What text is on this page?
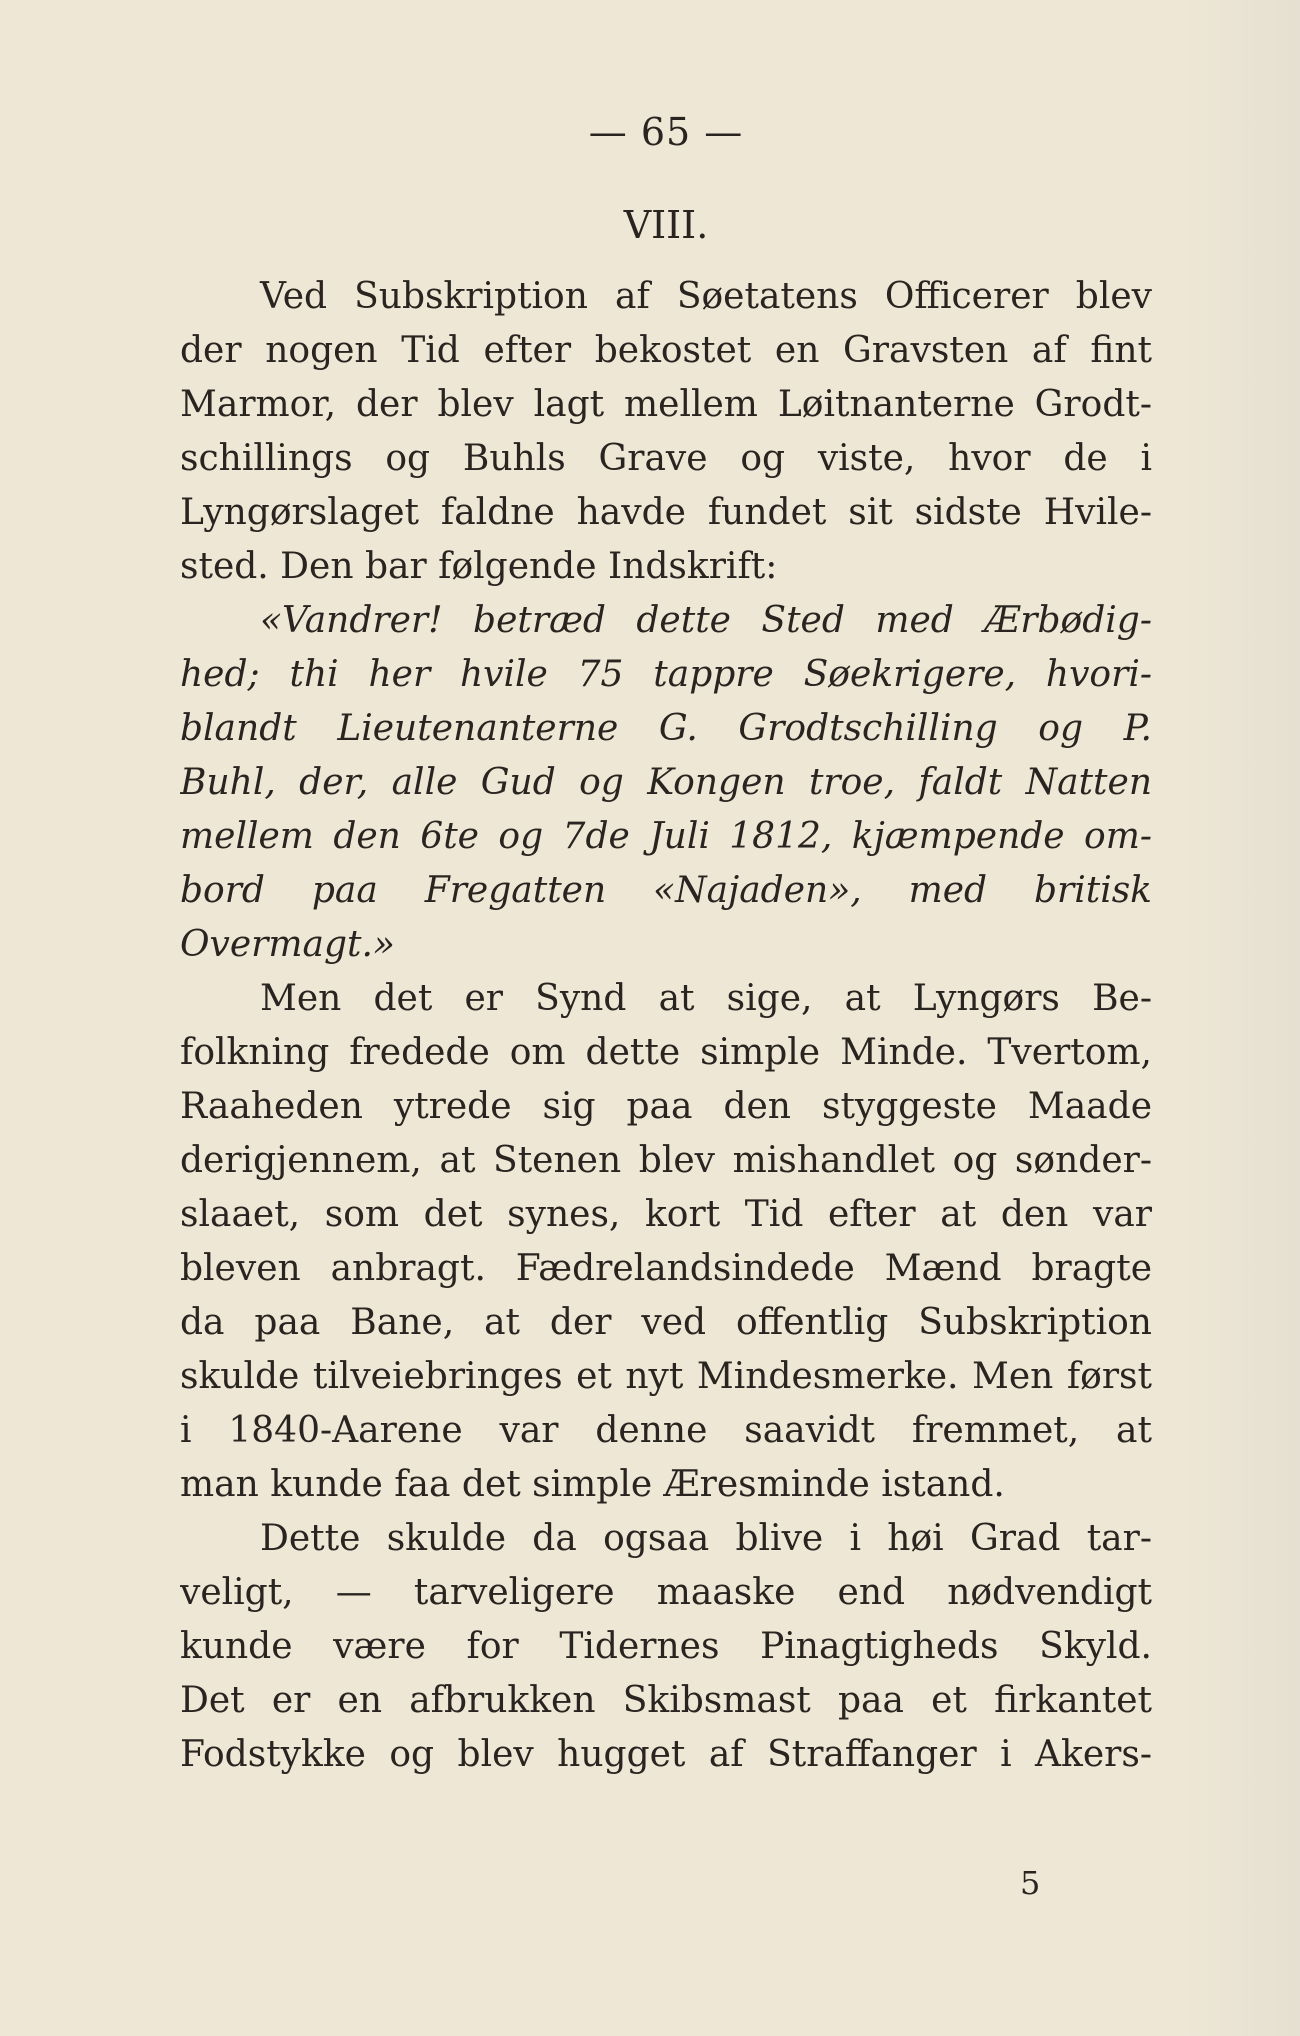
— 65 —
VIII.
Ved Subskription af Søetatens Officerer blev
der nogen Tid efter bekostet en Gravsten af fint
Marmor, der blev lagt mellem Løitnanterne Grodt-
schillings og Buhls Grave og viste, hvor de i
Lyngørslaget faldne havde fundet sit sidste Hvile-
sted. Den bar følgende Indskrift:
«Vandrer! betræd dette Sted med Ærbødig-
hed; thi her hvile 75 tappre Søekrigere, hvori-
blandt Lieutenanterne G. Grodtschilling og P.
Buhl, der, alle Gud og Kongen troe, faldt Natten
mellem den 6te og 7de Juli 1812, kjæmpende om-
bord paa Fregatten «Najaden», med britisk
Overmagt.»
Men det er Synd at sige, at Lyngørs Be-
folkning fredede om dette simple Minde. Tvertom,
Raaheden ytrede sig paa den styggeste Maade
derigjennem, at Stenen blev mishandlet og sønder-
slaaet, som det synes, kort Tid efter at den var
bleven anbragt. Fædrelandsindede Mænd bragte
da paa Bane, at der ved offentlig Subskription
skulde tilveiebringes et nyt Mindesmerke. Men først
i 1840-Aarene var denne saavidt fremmet, at
man kunde faa det simple Æresminde istand.
Dette skulde da ogsaa blive i høi Grad tar-
veligt, — tarveligere maaske end nødvendigt
kunde være for Tidernes Pinagtigheds Skyld.
Det er en afbrukken Skibsmast paa et firkantet
Fodstykke og blev hugget af Straffanger i Akers-
5
